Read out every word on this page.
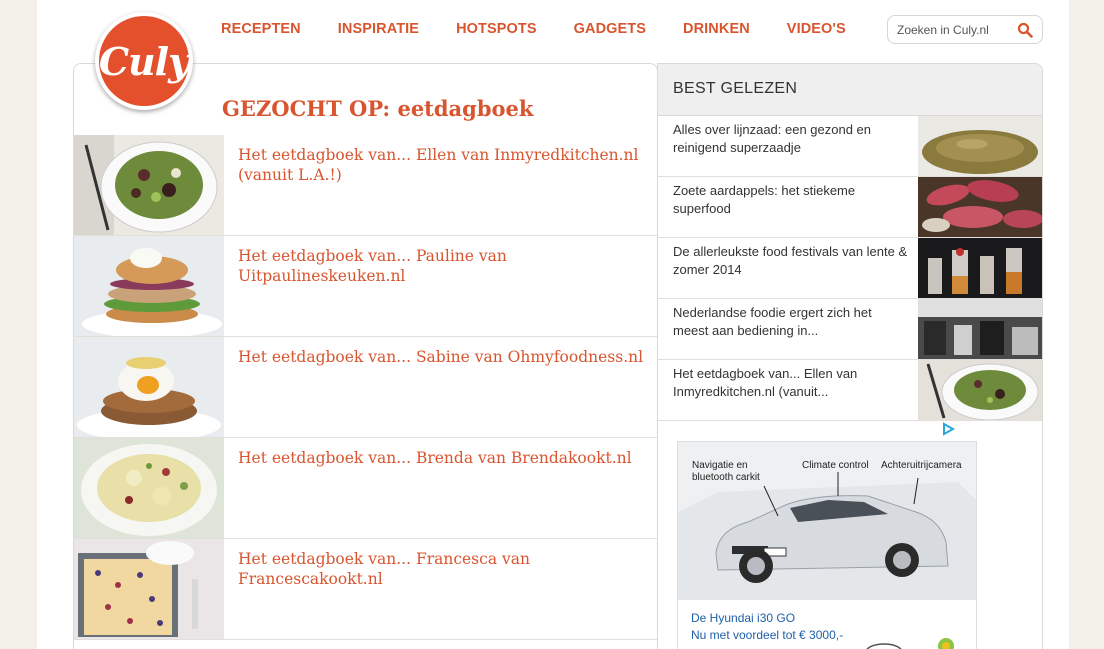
Culy
RECEPTEN	INSPIRATIE	HOTSPOTS	GADGETS	DRINKEN	VIDEO'S
Zoeken in Culy.nl
GEZOCHT OP: eetdagboek
Het eetdagboek van... Ellen van Inmyredkitchen.nl (vanuit L.A.!)
Het eetdagboek van... Pauline van Uitpaulineskeuken.nl
Het eetdagboek van... Sabine van Ohmyfoodness.nl
Het eetdagboek van... Brenda van Brendakookt.nl
Het eetdagboek van... Francesca van Francescakookt.nl
BEST GELEZEN
Alles over lijnzaad: een gezond en reinigend superzaadje
Zoete aardappels: het stiekeme superfood
De allerleukste food festivals van lente & zomer 2014
Nederlandse foodie ergert zich het meest aan bediening in...
Het eetdagboek van... Ellen van Inmyredkitchen.nl (vanuit...
Navigatie en
bluetooth carkit
Climate control Achteruitrijcamera
De Hyundai i30 GO
Nu met voordeel tot € 3000,-
